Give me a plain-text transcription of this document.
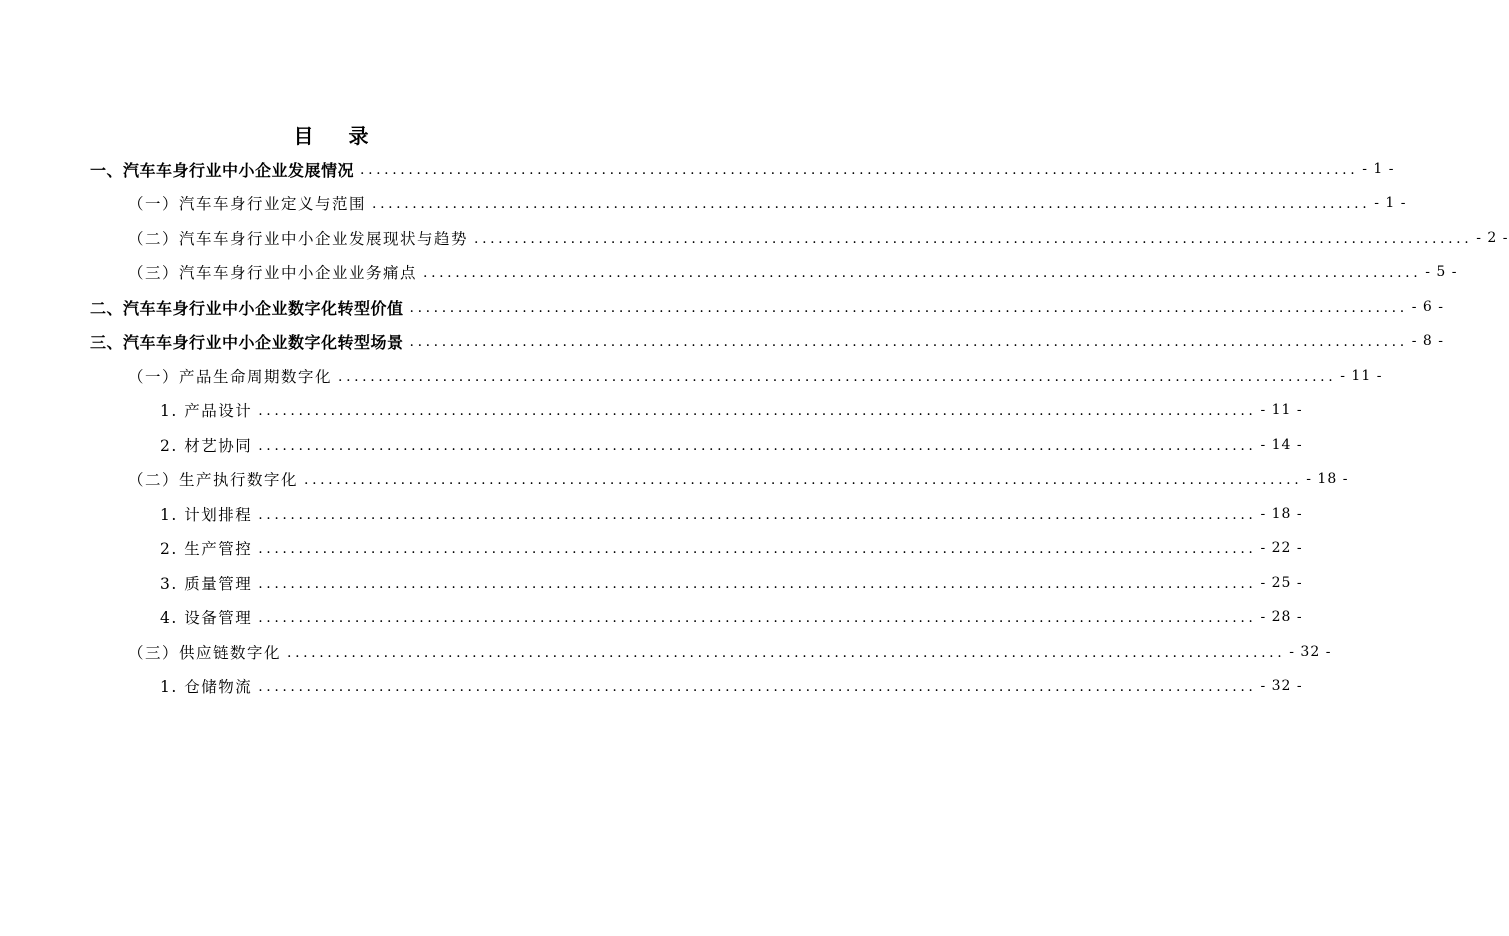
目 录
一、汽车车身行业中小企业发展情况 ............................................................................................................................ - 1 -
（一）汽车车身行业定义与范围 ............................................................................................................................ - 1 -
（二）汽车车身行业中小企业发展现状与趋势 ............................................................................................................................ - 2 -
（三）汽车车身行业中小企业业务痛点 ............................................................................................................................ - 5 -
二、汽车车身行业中小企业数字化转型价值 ............................................................................................................................ - 6 -
三、汽车车身行业中小企业数字化转型场景 ............................................................................................................................ - 8 -
（一）产品生命周期数字化 ............................................................................................................................ - 11 -
1. 产品设计 ............................................................................................................................ - 11 -
2. 材艺协同 ............................................................................................................................ - 14 -
（二）生产执行数字化 ............................................................................................................................ - 18 -
1. 计划排程 ............................................................................................................................ - 18 -
2. 生产管控 ............................................................................................................................ - 22 -
3. 质量管理 ............................................................................................................................ - 25 -
4. 设备管理 ............................................................................................................................ - 28 -
（三）供应链数字化 ............................................................................................................................ - 32 -
1. 仓储物流 ............................................................................................................................ - 32 -
